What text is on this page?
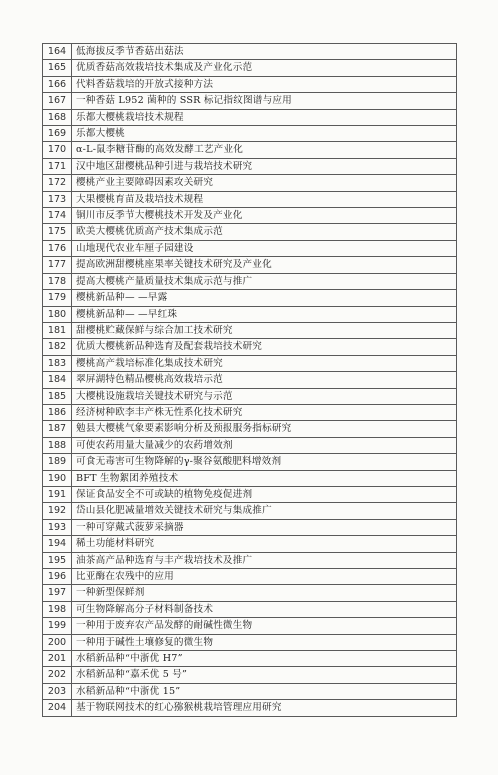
164	低海拔反季节香菇出菇法
165	优质香菇高效栽培技术集成及产业化示范
166	代料香菇栽培的开放式接种方法
167	一种香菇 L952 菌种的 SSR 标记指纹图谱与应用
168	乐都大樱桃栽培技术规程
169	乐都大樱桃
170	α-L-鼠李糖苷酶的高效发酵工艺产业化
171	汉中地区甜樱桃品种引进与栽培技术研究
172	樱桃产业主要障碍因素攻关研究
173	大果樱桃育苗及栽培技术规程
174	铜川市反季节大樱桃技术开发及产业化
175	欧美大樱桃优质高产技术集成示范
176	山地现代农业车厘子园建设
177	提高欧洲甜樱桃座果率关键技术研究及产业化
178	提高大樱桃产量质量技术集成示范与推广
179	樱桃新品种— —早露
180	樱桃新品种— —早红珠
181	甜樱桃贮藏保鲜与综合加工技术研究
182	优质大樱桃新品种选育及配套栽培技术研究
183	樱桃高产栽培标准化集成技术研究
184	翠屏湖特色精品樱桃高效栽培示范
185	大樱桃设施栽培关键技术研究与示范
186	经济树种欧李丰产株无性系化技术研究
187	勉县大樱桃气象要素影响分析及预报服务指标研究
188	可使农药用量大量减少的农药增效剂
189	可食无毒害可生物降解的γ-聚谷氨酸肥料增效剂
190	BFT 生物絮团养殖技术
191	保证食品安全不可或缺的植物免疫促进剂
192	岱山县化肥减量增效关键技术研究与集成推广
193	一种可穿戴式菠萝采摘器
194	稀土功能材料研究
195	油茶高产品种选育与丰产栽培技术及推广
196	比亚酶在农残中的应用
197	一种新型保鲜剂
198	可生物降解高分子材料制备技术
199	一种用于废弃农产品发酵的耐碱性微生物
200	一种用于碱性土壤修复的微生物
201	水稻新品种“中浙优 H7”
202	水稻新品种“嘉禾优 5 号”
203	水稻新品种“中浙优 15”
204	基于物联网技术的红心猕猴桃栽培管理应用研究
